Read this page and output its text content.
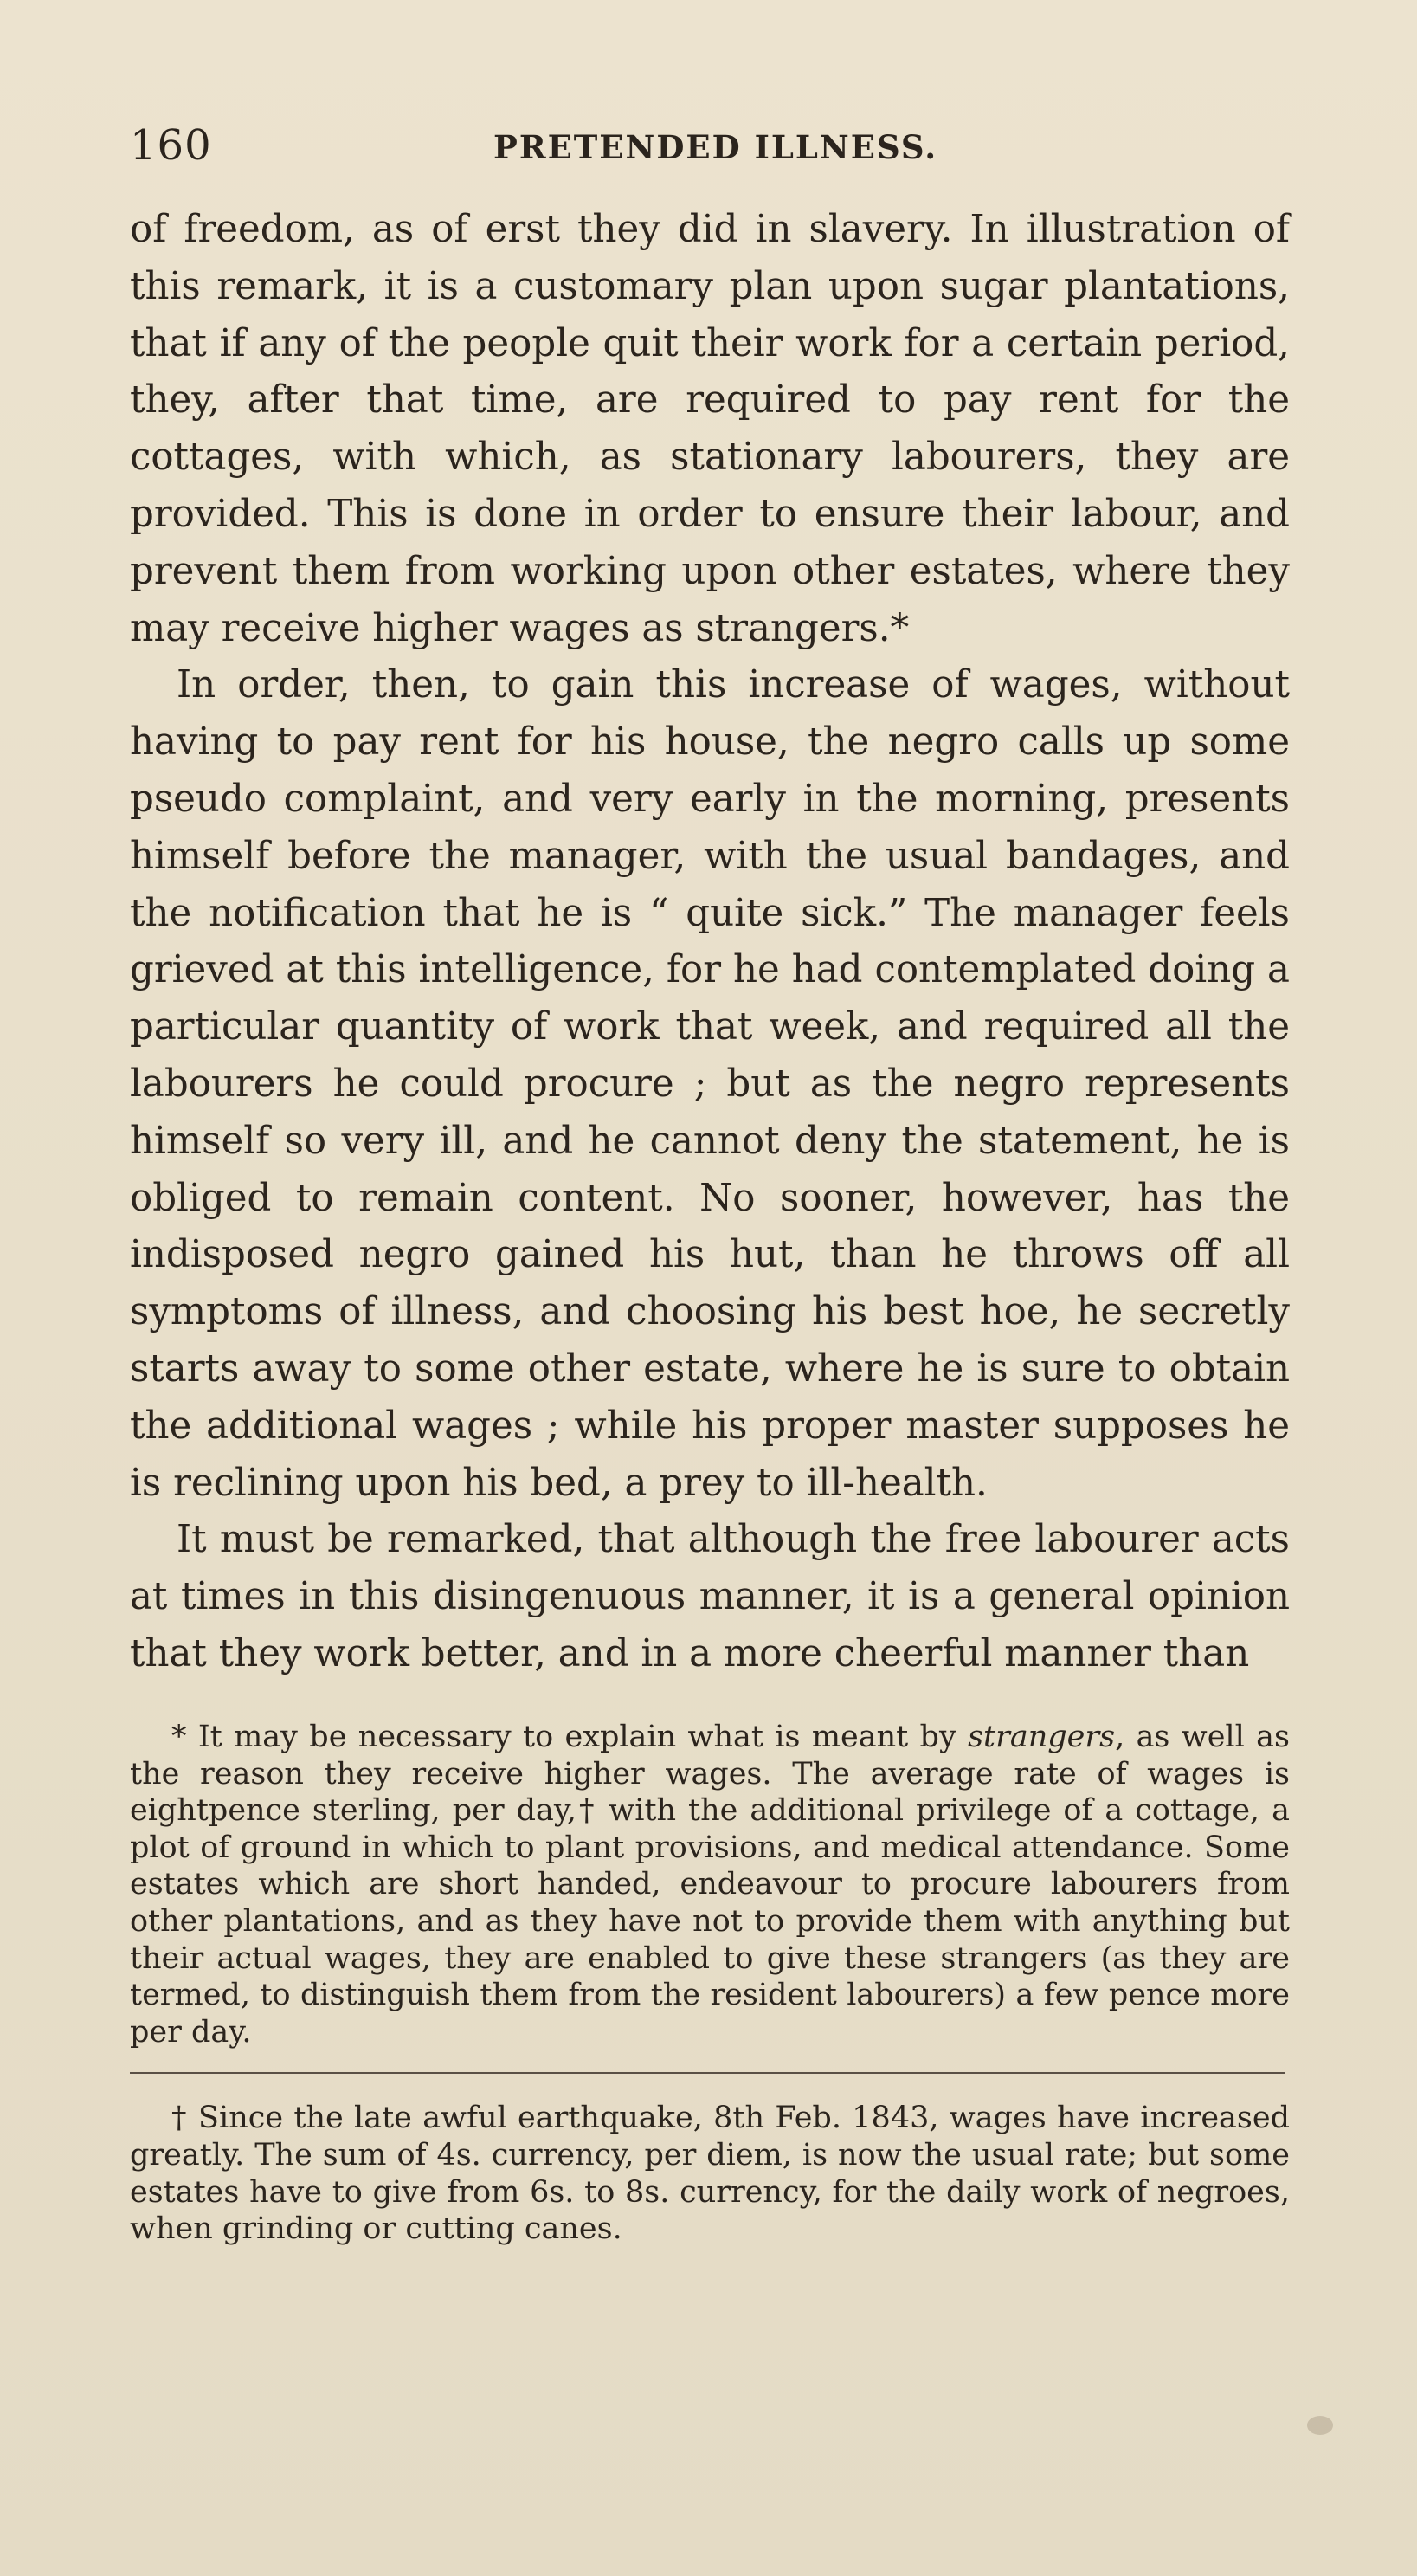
160	PRETENDED ILLNESS.

of freedom, as of erst they did in slavery. In illustration of this remark, it is a customary plan upon sugar plantations, that if any of the people quit their work for a certain period, they, after that time, are required to pay rent for the cottages, with which, as stationary labourers, they are provided. This is done in order to ensure their labour, and prevent them from working upon other estates, where they may receive higher wages as strangers.*

In order, then, to gain this increase of wages, without having to pay rent for his house, the negro calls up some pseudo complaint, and very early in the morning, presents himself before the manager, with the usual bandages, and the notification that he is “ quite sick.” The manager feels grieved at this intelligence, for he had contemplated doing a particular quantity of work that week, and required all the labourers he could procure ; but as the negro represents himself so very ill, and he cannot deny the statement, he is obliged to remain content. No sooner, however, has the indisposed negro gained his hut, than he throws off all symptoms of illness, and choosing his best hoe, he secretly starts away to some other estate, where he is sure to obtain the additional wages ; while his proper master supposes he is reclining upon his bed, a prey to ill-health.

It must be remarked, that although the free labourer acts at times in this disingenuous manner, it is a general opinion that they work better, and in a more cheerful manner than

* It may be necessary to explain what is meant by strangers, as well as the reason they receive higher wages. The average rate of wages is eightpence sterling, per day,† with the additional privilege of a cottage, a plot of ground in which to plant provisions, and medical attendance. Some estates which are short handed, endeavour to procure labourers from other plantations, and as they have not to provide them with anything but their actual wages, they are enabled to give these strangers (as they are termed, to distinguish them from the resident labourers) a few pence more per day.

† Since the late awful earthquake, 8th Feb. 1843, wages have increased greatly. The sum of 4s. currency, per diem, is now the usual rate; but some estates have to give from 6s. to 8s. currency, for the daily work of negroes, when grinding or cutting canes.
